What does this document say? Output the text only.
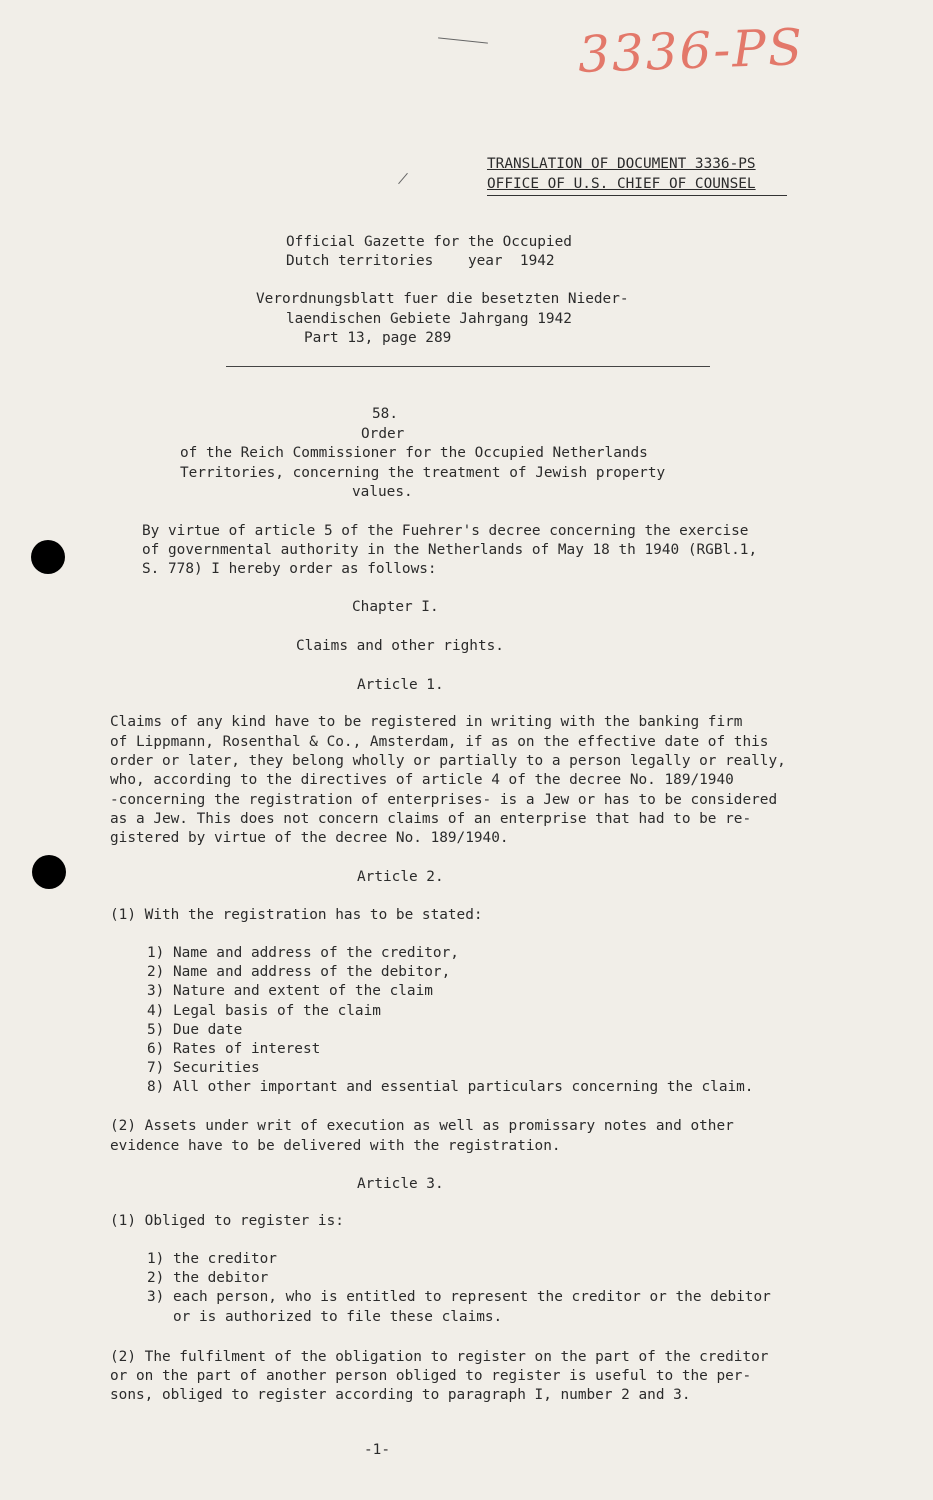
3336-PS
TRANSLATION OF DOCUMENT 3336-PS
OFFICE OF U.S. CHIEF OF COUNSEL

Official Gazette for the Occupied

Dutch territories    year  1942

Verordnungsblatt fuer die besetzten Nieder-

laendischen Gebiete Jahrgang 1942

Part 13, page 289

58.

Order

of the Reich Commissioner for the Occupied Netherlands

Territories, concerning the treatment of Jewish property

values.

By virtue of article 5 of the Fuehrer's decree concerning the exercise

of governmental authority in the Netherlands of May 18 th 1940 (RGBl.1,

S. 778) I hereby order as follows:

Chapter I.

Claims and other rights.

Article 1.

Claims of any kind have to be registered in writing with the banking firm

of Lippmann, Rosenthal & Co., Amsterdam, if as on the effective date of this

order or later, they belong wholly or partially to a person legally or really,

who, according to the directives of article 4 of the decree No. 189/1940

-concerning the registration of enterprises- is a Jew or has to be considered

as a Jew. This does not concern claims of an enterprise that had to be re-

gistered by virtue of the decree No. 189/1940.

Article 2.

(1) With the registration has to be stated:

1) Name and address of the creditor,
2) Name and address of the debitor,
3) Nature and extent of the claim
4) Legal basis of the claim
5) Due date
6) Rates of interest
7) Securities
8) All other important and essential particulars concerning the claim.

(2) Assets under writ of execution as well as promissary notes and other

evidence have to be delivered with the registration.

Article 3.

(1) Obliged to register is:

1) the creditor
2) the debitor
3) each person, who is entitled to represent the creditor or the debitor
or is authorized to file these claims.

(2) The fulfilment of the obligation to register on the part of the creditor

or on the part of another person obliged to register is useful to the per-

sons, obliged to register according to paragraph I, number 2 and 3.

-1-
